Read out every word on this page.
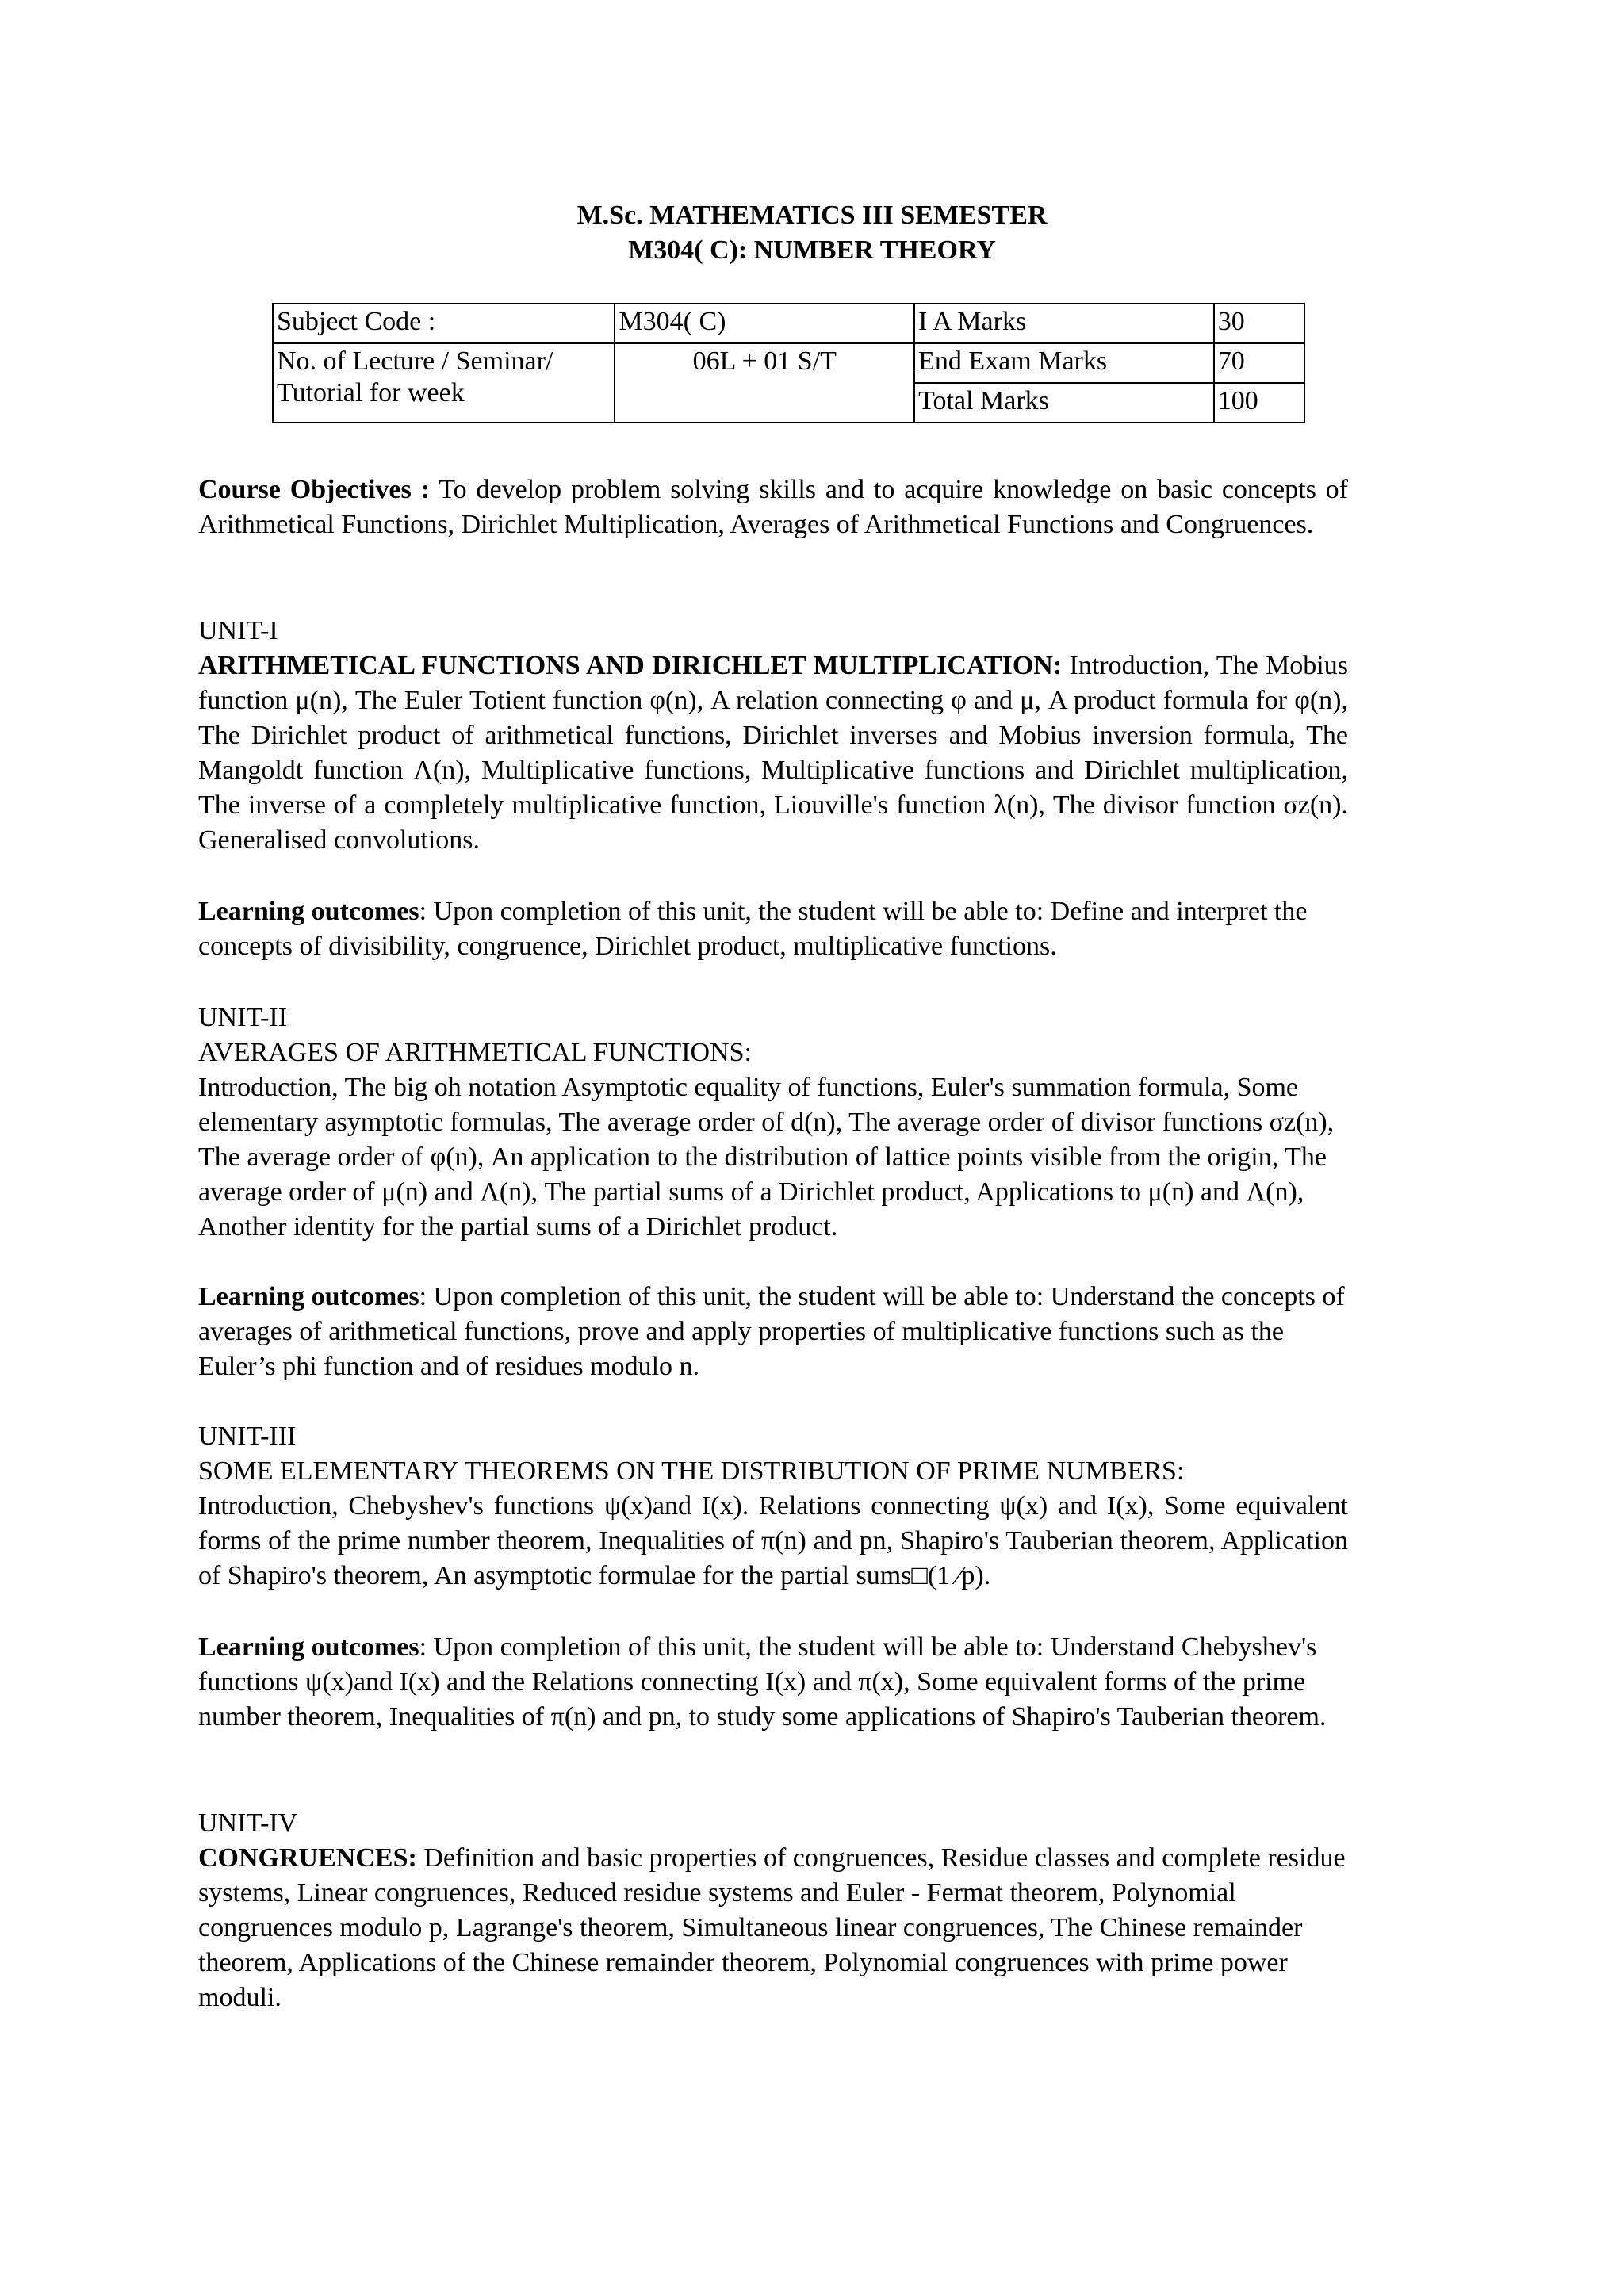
M.Sc. MATHEMATICS III SEMESTER
M304( C): NUMBER THEORY
Subject Code :	M304( C)	I A Marks	30
No. of Lecture / Seminar/ Tutorial for week	06L + 01 S/T	End Exam Marks	70
		Total Marks	100
Course Objectives : To develop problem solving skills and to acquire knowledge on basic concepts of Arithmetical Functions, Dirichlet Multiplication, Averages of Arithmetical Functions and Congruences.
UNIT-I
ARITHMETICAL FUNCTIONS AND DIRICHLET MULTIPLICATION: Introduction, The Mobius function μ(n), The Euler Totient function φ(n), A relation connecting φ and μ, A product formula for φ(n), The Dirichlet product of arithmetical functions, Dirichlet inverses and Mobius inversion formula, The Mangoldt function Λ(n), Multiplicative functions, Multiplicative functions and Dirichlet multiplication, The inverse of a completely multiplicative function, Liouville's function λ(n), The divisor function σz(n). Generalised convolutions.
Learning outcomes: Upon completion of this unit, the student will be able to: Define and interpret the concepts of divisibility, congruence, Dirichlet product, multiplicative functions.
UNIT-II
AVERAGES OF ARITHMETICAL FUNCTIONS:
Introduction, The big oh notation Asymptotic equality of functions, Euler's summation formula, Some elementary asymptotic formulas, The average order of d(n), The average order of divisor functions σz(n), The average order of φ(n), An application to the distribution of lattice points visible from the origin, The average order of μ(n) and Λ(n), The partial sums of a Dirichlet product, Applications to μ(n) and Λ(n), Another identity for the partial sums of a Dirichlet product.
Learning outcomes: Upon completion of this unit, the student will be able to: Understand the concepts of averages of arithmetical functions, prove and apply properties of multiplicative functions such as the Euler’s phi function and of residues modulo n.
UNIT-III
SOME ELEMENTARY THEOREMS ON THE DISTRIBUTION OF PRIME NUMBERS:
Introduction, Chebyshev's functions ψ(x)and I(x). Relations connecting ψ(x) and I(x), Some equivalent forms of the prime number theorem, Inequalities of π(n) and pn, Shapiro's Tauberian theorem, Application of Shapiro's theorem, An asymptotic formulae for the partial sums□(1 ⁄p).
Learning outcomes: Upon completion of this unit, the student will be able to: Understand Chebyshev's functions ψ(x)and I(x) and the Relations connecting I(x) and π(x), Some equivalent forms of the prime number theorem, Inequalities of π(n) and pn, to study some applications of Shapiro's Tauberian theorem.
UNIT-IV
CONGRUENCES: Definition and basic properties of congruences, Residue classes and complete residue systems, Linear congruences, Reduced residue systems and Euler - Fermat theorem, Polynomial congruences modulo p, Lagrange's theorem, Simultaneous linear congruences, The Chinese remainder theorem, Applications of the Chinese remainder theorem, Polynomial congruences with prime power moduli.
